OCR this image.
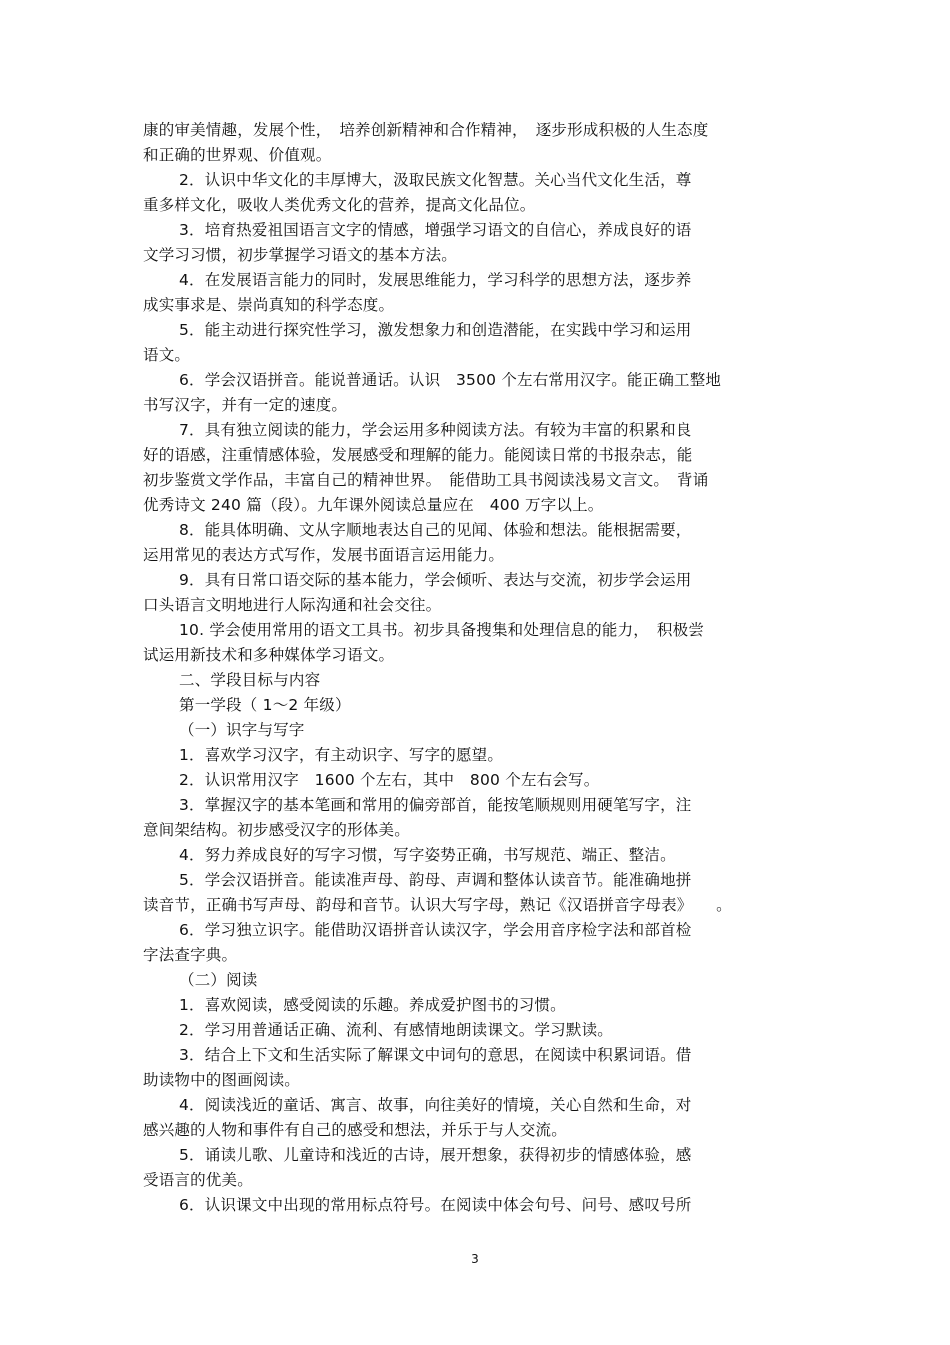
康的审美情趣，发展个性，　培养创新精神和合作精神，　逐步形成积极的人生态度
和正确的世界观、价值观。
2．认识中华文化的丰厚博大，汲取民族文化智慧。关心当代文化生活，尊
重多样文化，吸收人类优秀文化的营养，提高文化品位。
3．培育热爱祖国语言文字的情感，增强学习语文的自信心，养成良好的语
文学习习惯，初步掌握学习语文的基本方法。
4．在发展语言能力的同时，发展思维能力，学习科学的思想方法，逐步养
成实事求是、崇尚真知的科学态度。
5．能主动进行探究性学习，激发想象力和创造潜能，在实践中学习和运用
语文。
6．学会汉语拼音。能说普通话。认识　3500 个左右常用汉字。能正确工整地
书写汉字，并有一定的速度。
7．具有独立阅读的能力，学会运用多种阅读方法。有较为丰富的积累和良
好的语感，注重情感体验，发展感受和理解的能力。能阅读日常的书报杂志，能
初步鉴赏文学作品，丰富自己的精神世界。　能借助工具书阅读浅易文言文。　背诵
优秀诗文 240 篇（段）。九年课外阅读总量应在　400 万字以上。
8．能具体明确、文从字顺地表达自己的见闻、体验和想法。能根据需要，
运用常见的表达方式写作，发展书面语言运用能力。
9．具有日常口语交际的基本能力，学会倾听、表达与交流，初步学会运用
口头语言文明地进行人际沟通和社会交往。
10. 学会使用常用的语文工具书。初步具备搜集和处理信息的能力，　积极尝
试运用新技术和多种媒体学习语文。
二、学段目标与内容
第一学段（ 1～2 年级）
（一）识字与写字
1．喜欢学习汉字，有主动识字、写字的愿望。
2．认识常用汉字　1600 个左右，其中　800 个左右会写。
3．掌握汉字的基本笔画和常用的偏旁部首，能按笔顺规则用硬笔写字，注
意间架结构。初步感受汉字的形体美。
4．努力养成良好的写字习惯，写字姿势正确，书写规范、端正、整洁。
5．学会汉语拼音。能读准声母、韵母、声调和整体认读音节。能准确地拼
读音节，正确书写声母、韵母和音节。认识大写字母，熟记《汉语拼音字母表》　　。
6．学习独立识字。能借助汉语拼音认读汉字，学会用音序检字法和部首检
字法查字典。
（二）阅读
1．喜欢阅读，感受阅读的乐趣。养成爱护图书的习惯。
2．学习用普通话正确、流利、有感情地朗读课文。学习默读。
3．结合上下文和生活实际了解课文中词句的意思，在阅读中积累词语。借
助读物中的图画阅读。
4．阅读浅近的童话、寓言、故事，向往美好的情境，关心自然和生命，对
感兴趣的人物和事件有自己的感受和想法，并乐于与人交流。
5．诵读儿歌、儿童诗和浅近的古诗，展开想象，获得初步的情感体验，感
受语言的优美。
6．认识课文中出现的常用标点符号。在阅读中体会句号、问号、感叹号所
3
